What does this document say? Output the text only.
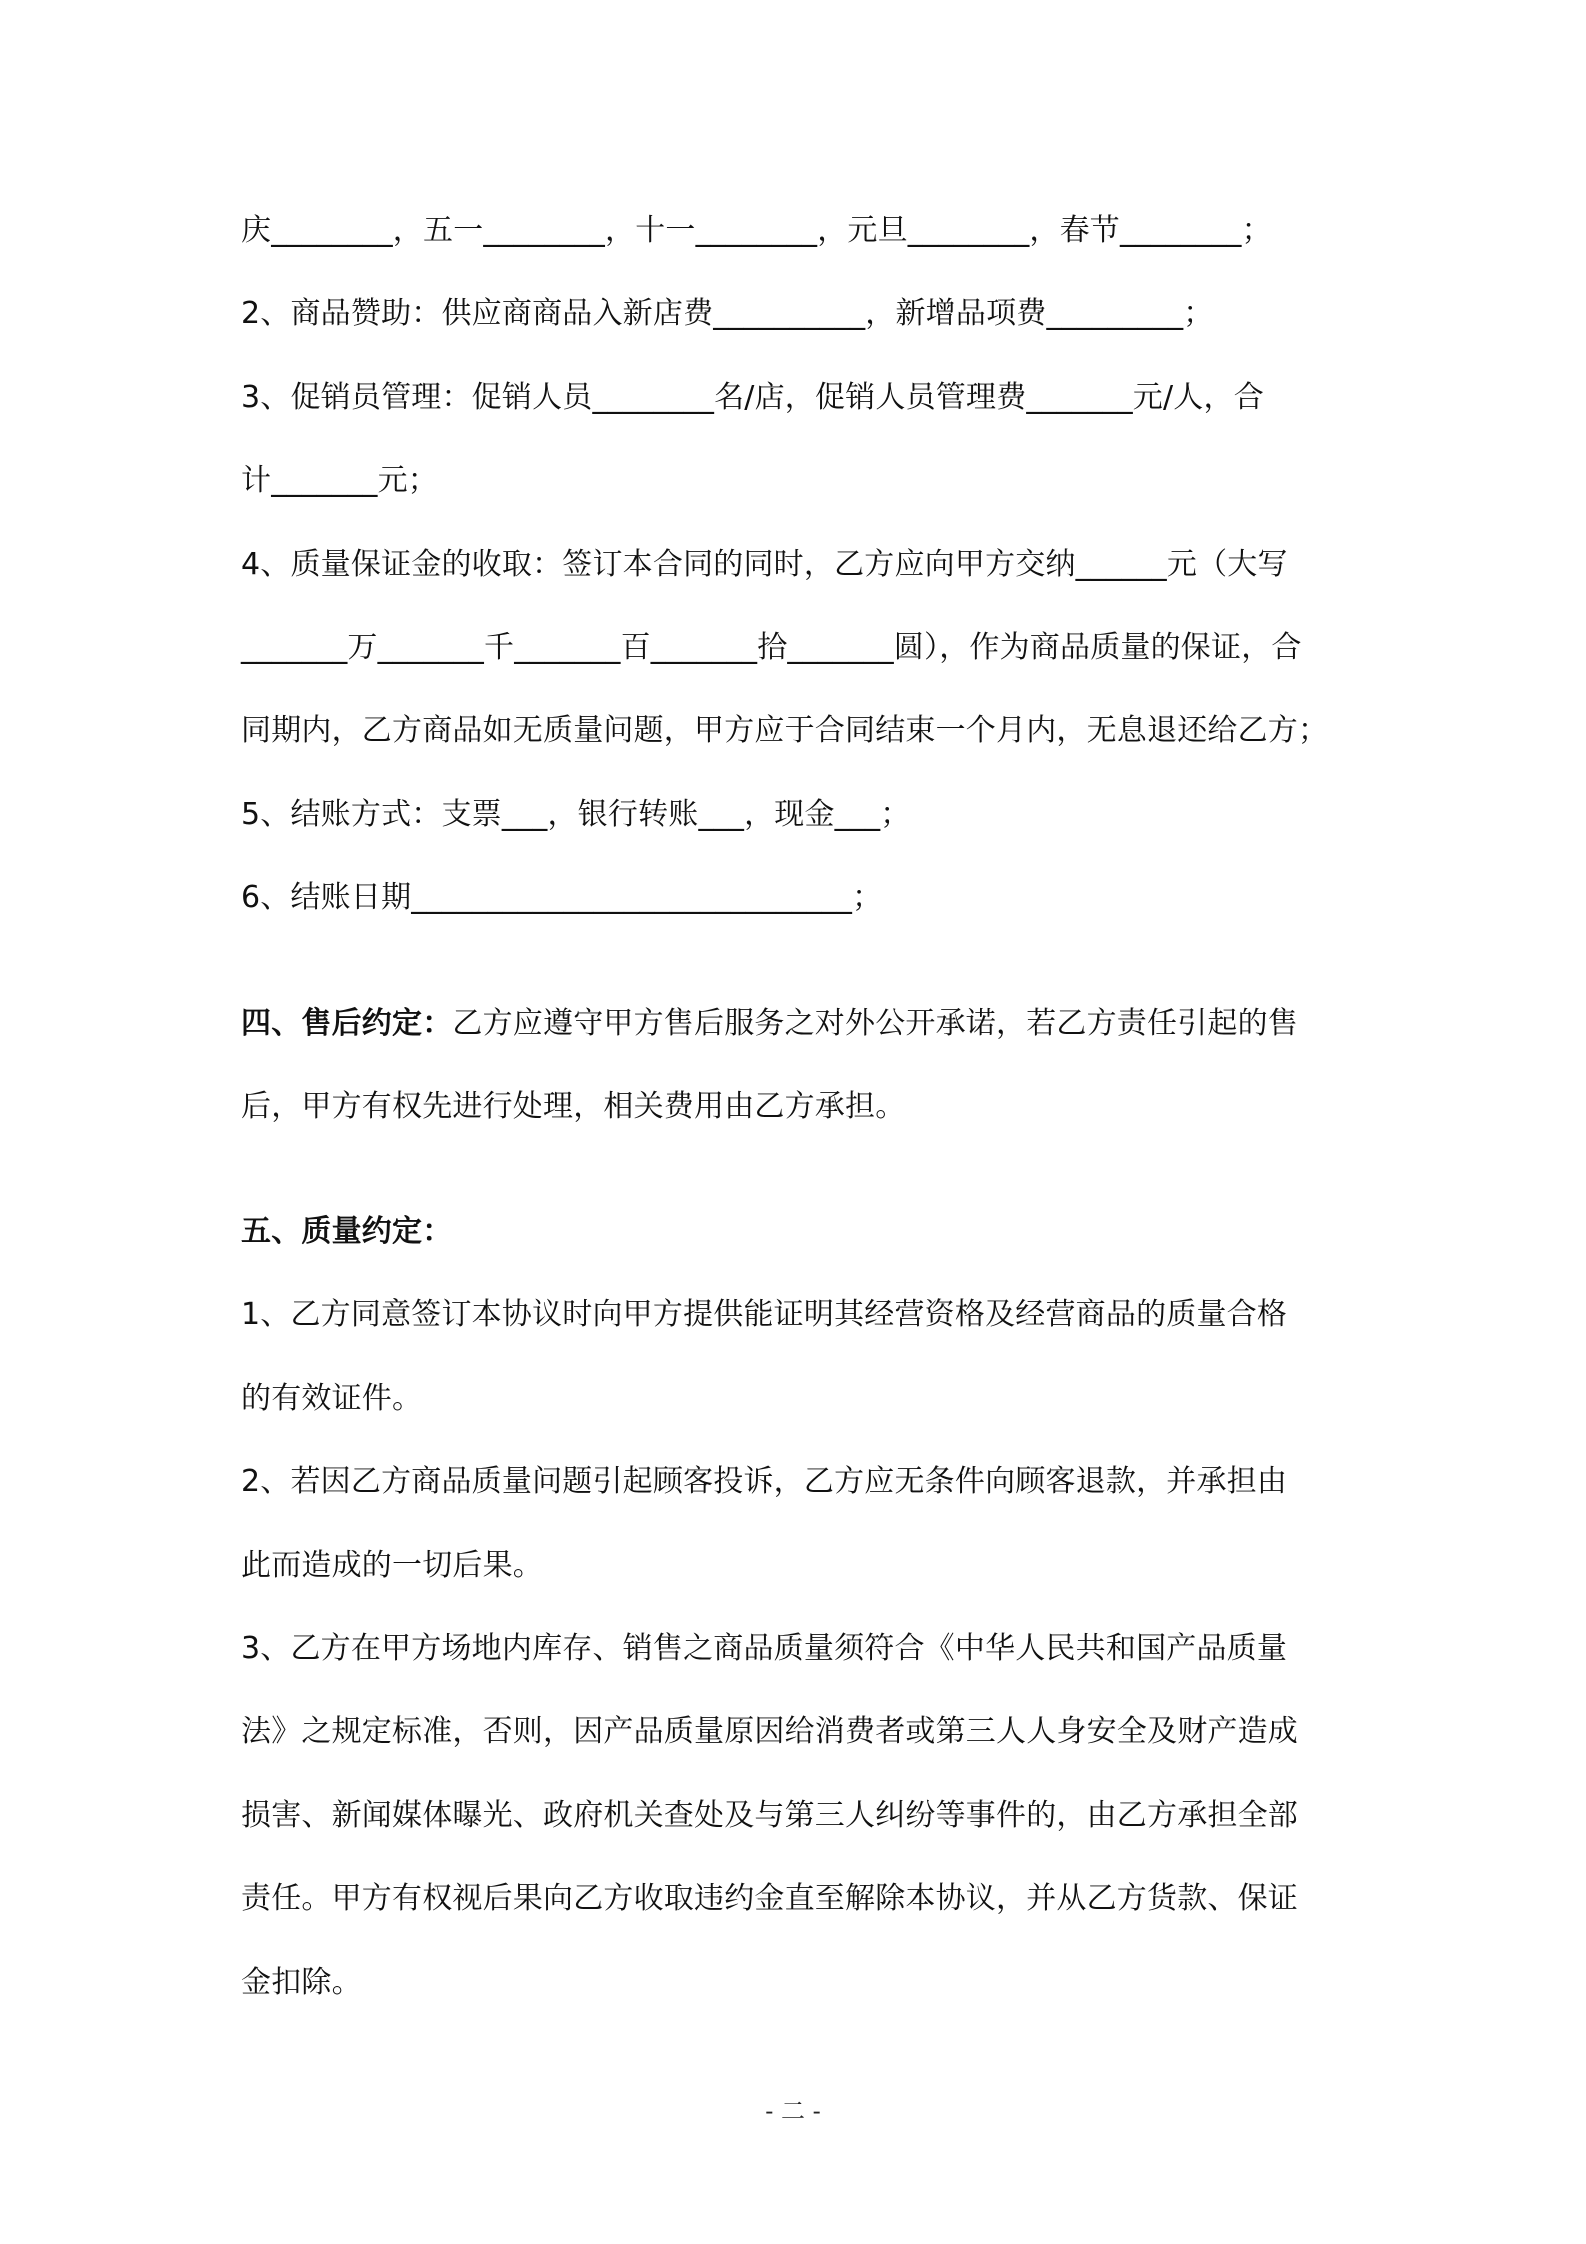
庆________，五一________，十一________，元旦________，春节________；
2、商品赞助：供应商商品入新店费__________，新增品项费_________；
3、促销员管理：促销人员________名/店，促销人员管理费_______元/人，合
计_______元；
4、质量保证金的收取：签订本合同的同时，乙方应向甲方交纳______元（大写
_______万_______千_______百_______拾_______圆），作为商品质量的保证，合
同期内，乙方商品如无质量问题，甲方应于合同结束一个月内，无息退还给乙方；
5、结账方式：支票___，银行转账___，现金___；
6、结账日期_____________________________；
四、售后约定：乙方应遵守甲方售后服务之对外公开承诺，若乙方责任引起的售
后，甲方有权先进行处理，相关费用由乙方承担。
五、质量约定：
1、乙方同意签订本协议时向甲方提供能证明其经营资格及经营商品的质量合格
的有效证件。
2、若因乙方商品质量问题引起顾客投诉，乙方应无条件向顾客退款，并承担由
此而造成的一切后果。
3、乙方在甲方场地内库存、销售之商品质量须符合《中华人民共和国产品质量
法》之规定标准，否则，因产品质量原因给消费者或第三人人身安全及财产造成
损害、新闻媒体曝光、政府机关查处及与第三人纠纷等事件的，由乙方承担全部
责任。甲方有权视后果向乙方收取违约金直至解除本协议，并从乙方货款、保证
金扣除。
- 二 -
